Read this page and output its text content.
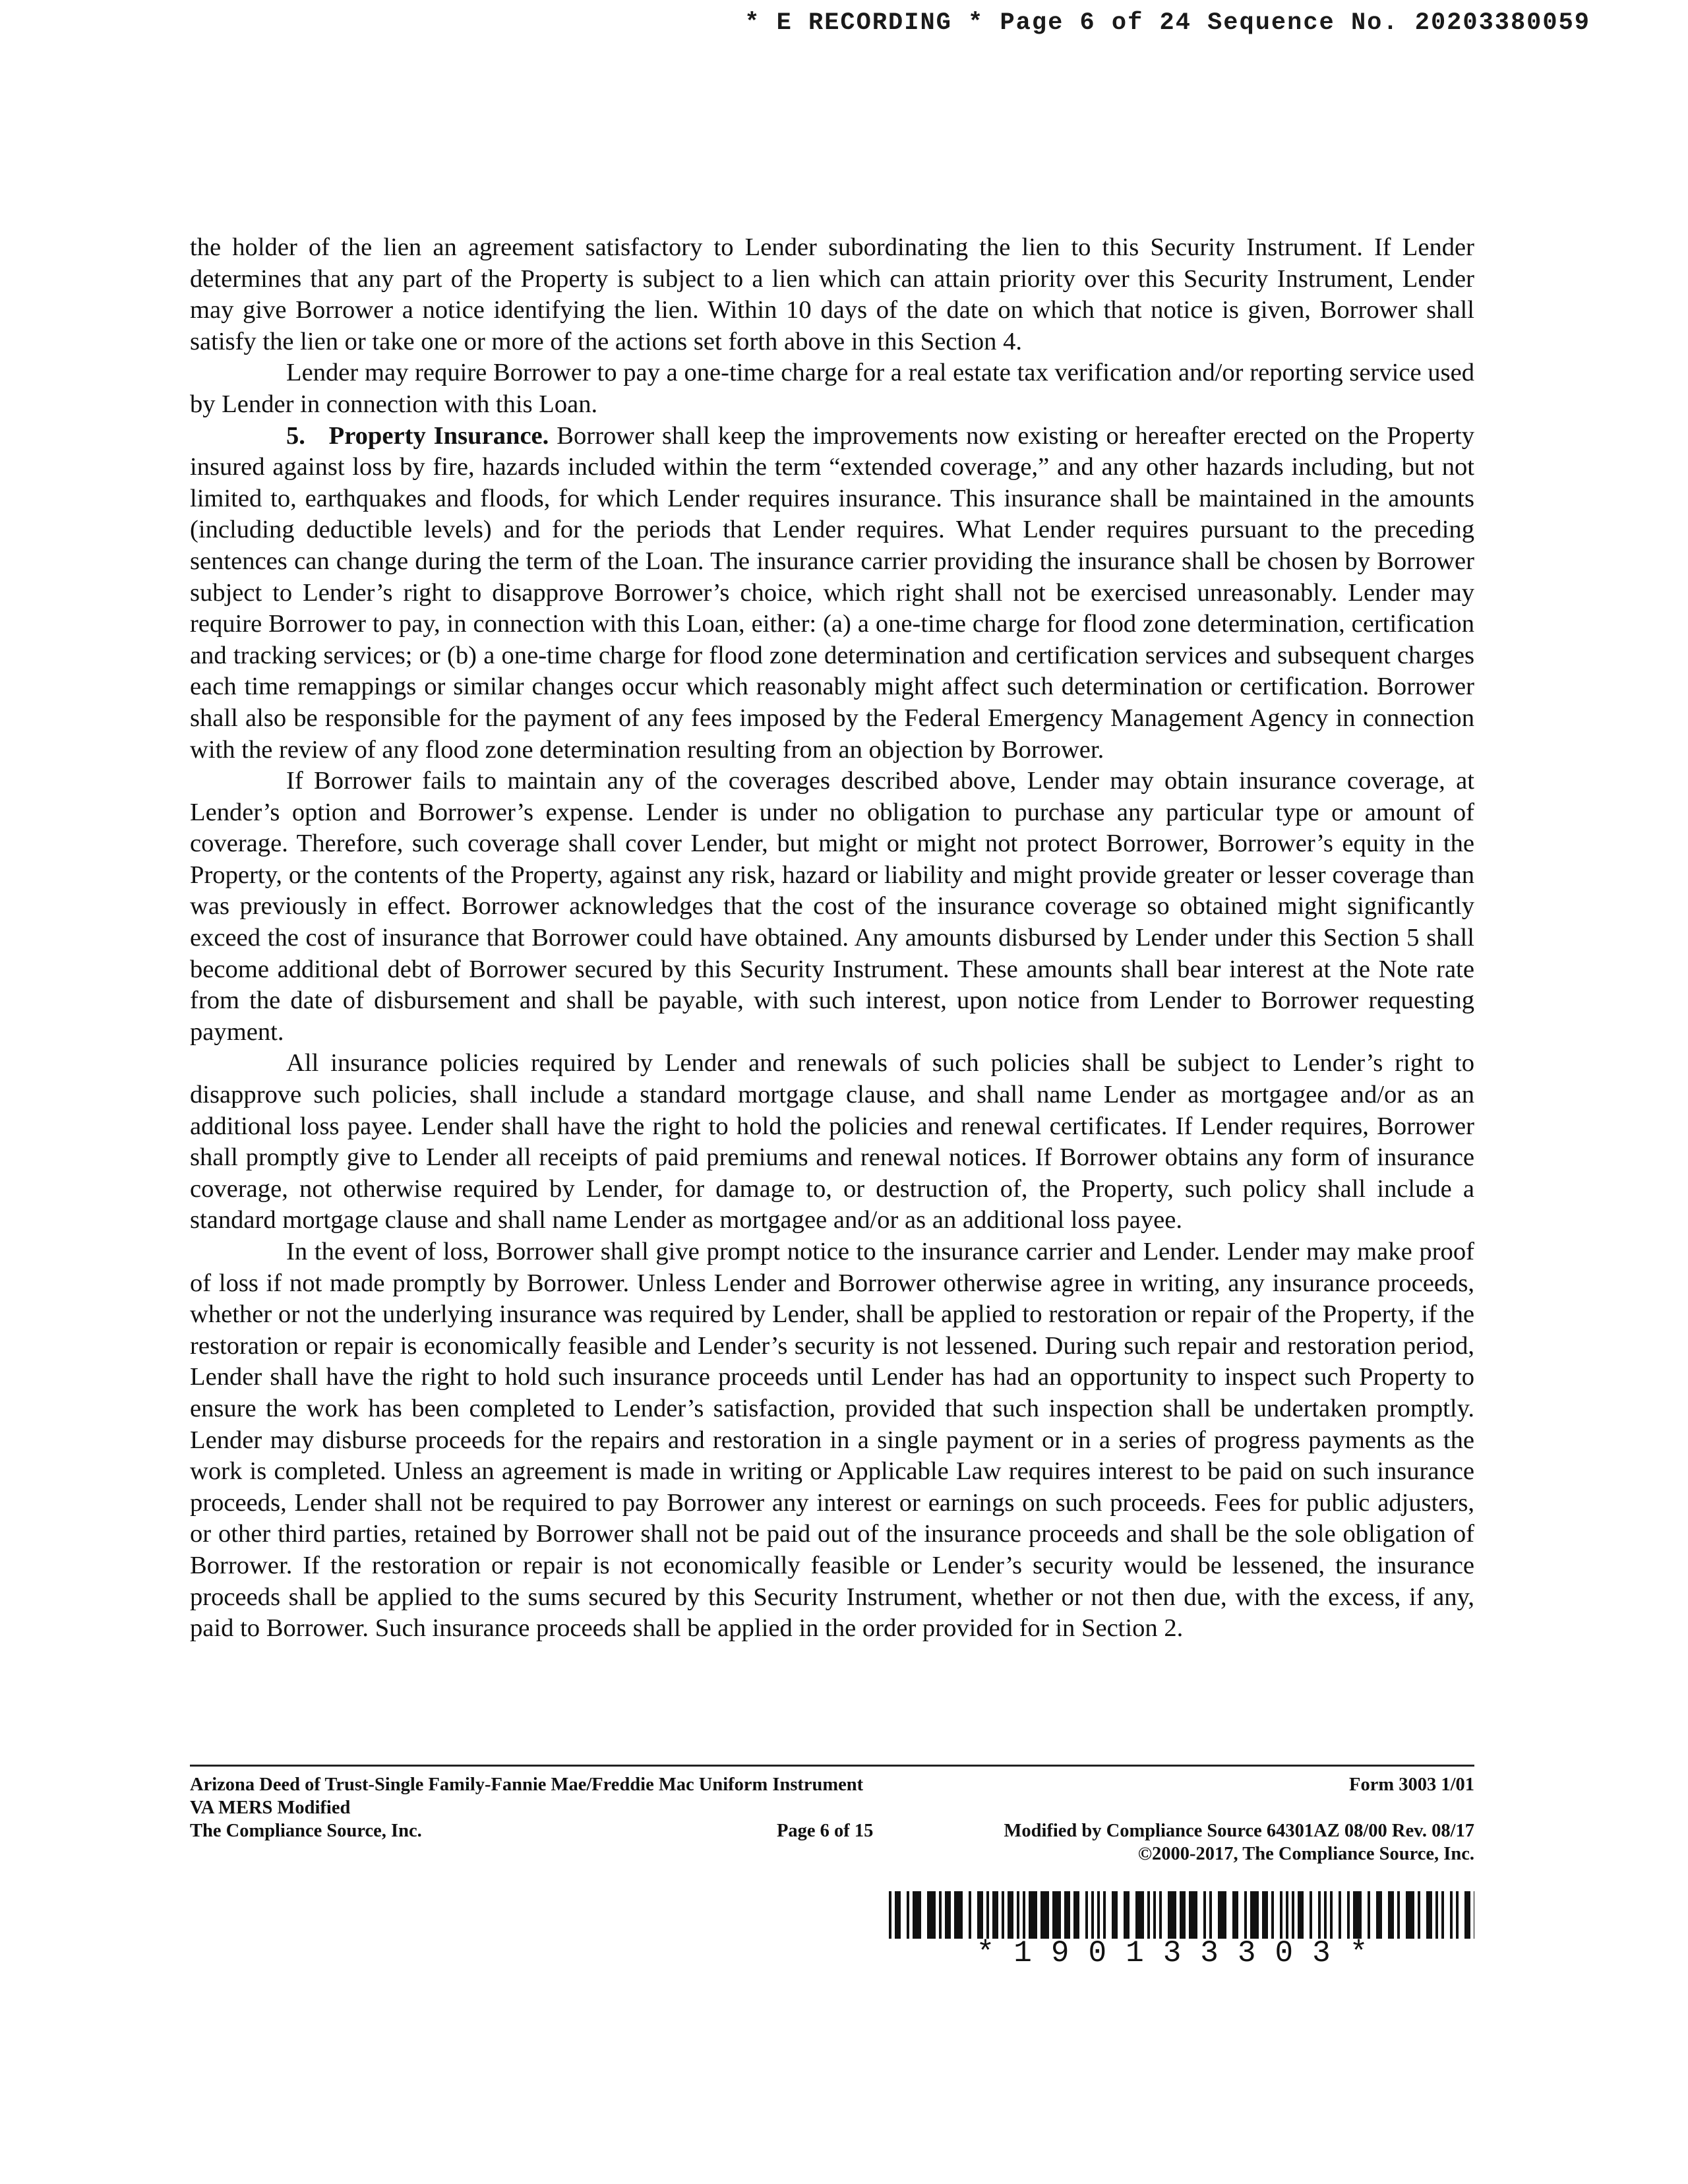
* E RECORDING * Page 6 of 24 Sequence No. 20203380059

the holder of the lien an agreement satisfactory to Lender subordinating the lien to this Security Instrument. If Lender determines that any part of the Property is subject to a lien which can attain priority over this Security Instrument, Lender may give Borrower a notice identifying the lien. Within 10 days of the date on which that notice is given, Borrower shall satisfy the lien or take one or more of the actions set forth above in this Section 4.

Lender may require Borrower to pay a one-time charge for a real estate tax verification and/or reporting service used by Lender in connection with this Loan.

5. Property Insurance. Borrower shall keep the improvements now existing or hereafter erected on the Property insured against loss by fire, hazards included within the term “extended coverage,” and any other hazards including, but not limited to, earthquakes and floods, for which Lender requires insurance. This insurance shall be maintained in the amounts (including deductible levels) and for the periods that Lender requires. What Lender requires pursuant to the preceding sentences can change during the term of the Loan. The insurance carrier providing the insurance shall be chosen by Borrower subject to Lender’s right to disapprove Borrower’s choice, which right shall not be exercised unreasonably. Lender may require Borrower to pay, in connection with this Loan, either: (a) a one-time charge for flood zone determination, certification and tracking services; or (b) a one-time charge for flood zone determination and certification services and subsequent charges each time remappings or similar changes occur which reasonably might affect such determination or certification. Borrower shall also be responsible for the payment of any fees imposed by the Federal Emergency Management Agency in connection with the review of any flood zone determination resulting from an objection by Borrower.

If Borrower fails to maintain any of the coverages described above, Lender may obtain insurance coverage, at Lender’s option and Borrower’s expense. Lender is under no obligation to purchase any particular type or amount of coverage. Therefore, such coverage shall cover Lender, but might or might not protect Borrower, Borrower’s equity in the Property, or the contents of the Property, against any risk, hazard or liability and might provide greater or lesser coverage than was previously in effect. Borrower acknowledges that the cost of the insurance coverage so obtained might significantly exceed the cost of insurance that Borrower could have obtained. Any amounts disbursed by Lender under this Section 5 shall become additional debt of Borrower secured by this Security Instrument. These amounts shall bear interest at the Note rate from the date of disbursement and shall be payable, with such interest, upon notice from Lender to Borrower requesting payment.

All insurance policies required by Lender and renewals of such policies shall be subject to Lender’s right to disapprove such policies, shall include a standard mortgage clause, and shall name Lender as mortgagee and/or as an additional loss payee. Lender shall have the right to hold the policies and renewal certificates. If Lender requires, Borrower shall promptly give to Lender all receipts of paid premiums and renewal notices. If Borrower obtains any form of insurance coverage, not otherwise required by Lender, for damage to, or destruction of, the Property, such policy shall include a standard mortgage clause and shall name Lender as mortgagee and/or as an additional loss payee.

In the event of loss, Borrower shall give prompt notice to the insurance carrier and Lender. Lender may make proof of loss if not made promptly by Borrower. Unless Lender and Borrower otherwise agree in writing, any insurance proceeds, whether or not the underlying insurance was required by Lender, shall be applied to restoration or repair of the Property, if the restoration or repair is economically feasible and Lender’s security is not lessened. During such repair and restoration period, Lender shall have the right to hold such insurance proceeds until Lender has had an opportunity to inspect such Property to ensure the work has been completed to Lender’s satisfaction, provided that such inspection shall be undertaken promptly. Lender may disburse proceeds for the repairs and restoration in a single payment or in a series of progress payments as the work is completed. Unless an agreement is made in writing or Applicable Law requires interest to be paid on such insurance proceeds, Lender shall not be required to pay Borrower any interest or earnings on such proceeds. Fees for public adjusters, or other third parties, retained by Borrower shall not be paid out of the insurance proceeds and shall be the sole obligation of Borrower. If the restoration or repair is not economically feasible or Lender’s security would be lessened, the insurance proceeds shall be applied to the sums secured by this Security Instrument, whether or not then due, with the excess, if any, paid to Borrower. Such insurance proceeds shall be applied in the order provided for in Section 2.

Arizona Deed of Trust-Single Family-Fannie Mae/Freddie Mac Uniform Instrument	Form 3003 1/01
VA MERS Modified
The Compliance Source, Inc.	Page 6 of 15	Modified by Compliance Source 64301AZ 08/00 Rev. 08/17
©2000-2017, The Compliance Source, Inc.
*190133303*
